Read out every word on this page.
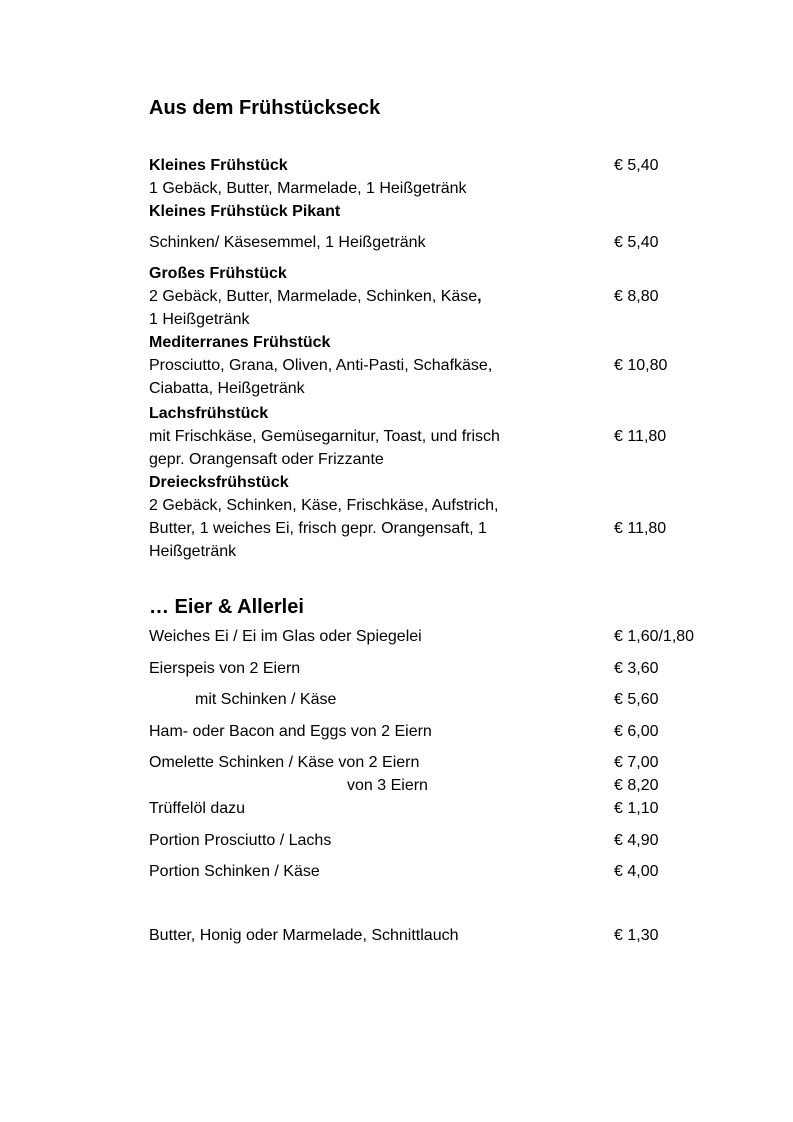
Aus dem Frühstückseck
Kleines Frühstück	€ 5,40
1 Gebäck, Butter, Marmelade, 1 Heißgetränk
Kleines Frühstück Pikant
Schinken/ Käsesemmel, 1 Heißgetränk	€ 5,40
Großes Frühstück
2 Gebäck, Butter, Marmelade, Schinken, Käse,	€ 8,80
1 Heißgetränk
Mediterranes Frühstück
Prosciutto, Grana, Oliven, Anti-Pasti, Schafkäse,	€ 10,80
Ciabatta, Heißgetränk
Lachsfrühstück
mit Frischkäse, Gemüsegarnitur, Toast, und frisch	€ 11,80
gepr. Orangensaft oder Frizzante
Dreiecksfrühstück
2 Gebäck, Schinken, Käse, Frischkäse, Aufstrich,
Butter, 1 weiches Ei, frisch gepr. Orangensaft, 1	€ 11,80
Heißgetränk
… Eier & Allerlei
Weiches Ei / Ei im Glas oder Spiegelei	€ 1,60/1,80
Eierspeis von 2 Eiern	€ 3,60
mit Schinken / Käse	€ 5,60
Ham- oder Bacon and Eggs von 2 Eiern	€ 6,00
Omelette Schinken / Käse von 2 Eiern	€ 7,00
von 3 Eiern	€ 8,20
Trüffelöl dazu	€ 1,10
Portion Prosciutto / Lachs	€ 4,90
Portion Schinken / Käse	€ 4,00
Butter, Honig oder Marmelade, Schnittlauch	€ 1,30
